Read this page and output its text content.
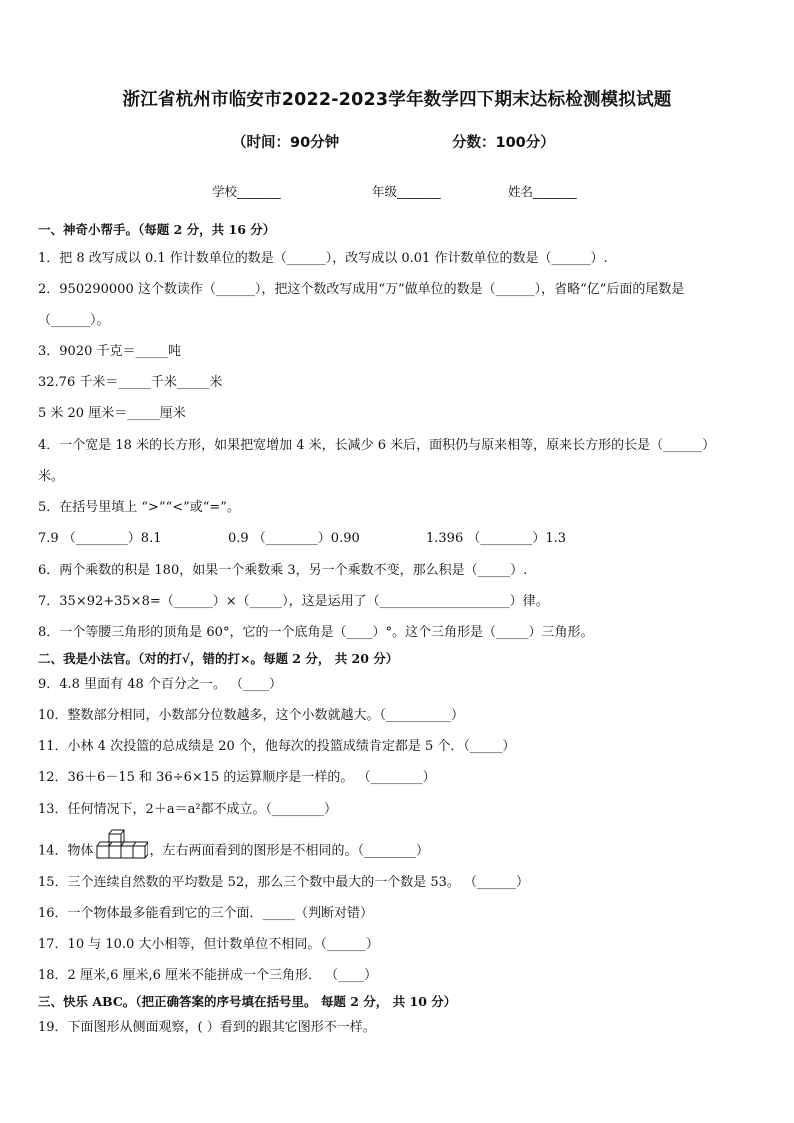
浙江省杭州市临安市2022-2023学年数学四下期末达标检测模拟试题
（时间：90分钟	分数：100分）
学校_______	年级_______	姓名_______
一、神奇小帮手。（每题 2 分，共 16 分）
1．把 8 改写成以 0.1 作计数单位的数是（______），改写成以 0.01 作计数单位的数是（______）.
2．950290000 这个数读作（______），把这个数改写成用“万”做单位的数是（______），省略“亿”后面的尾数是
（______）。
3．9020 千克＝_____吨
32.76 千米＝_____千米_____米
5 米 20 厘米＝_____厘米
4．一个宽是 18 米的长方形，如果把宽增加 4 米，长减少 6 米后，面积仍与原来相等，原来长方形的长是（______）
米。
5．在括号里填上 “>”“<”或“=”。
7.9 （________）8.1	0.9 （________）0.90	1.396 （________）1.3
6．两个乘数的积是 180，如果一个乘数乘 3，另一个乘数不变，那么积是（_____）.
7．35×92+35×8=（______）×（_____），这是运用了（____________________）律。
8．一个等腰三角形的顶角是 60°，它的一个底角是（____）°。这个三角形是（_____）三角形。
二、我是小法官。（对的打√，错的打×。每题 2 分， 共 20 分）
9．4.8 里面有 48 个百分之一。 （____）
10．整数部分相同，小数部分位数越多，这个小数就越大。（__________）
11．小林 4 次投篮的总成绩是 20 个，他每次的投篮成绩肯定都是 5 个．（_____）
12．36＋6－15 和 36÷6×15 的运算顺序是一样的。 （________）
13．任何情况下，2＋a＝a²都不成立。（________）
14．物体	，左右两面看到的图形是不相同的。（________）
15．三个连续自然数的平均数是 52，那么三个数中最大的一个数是 53。 （______）
16．一个物体最多能看到它的三个面．_____（判断对错）
17．10 与 10.0 大小相等，但计数单位不相同。（______）
18．2 厘米,6 厘米,6 厘米不能拼成一个三角形． （____）
三、快乐 ABC。（把正确答案的序号填在括号里。 每题 2 分， 共 10 分）
19．下面图形从侧面观察，( ）看到的跟其它图形不一样。
